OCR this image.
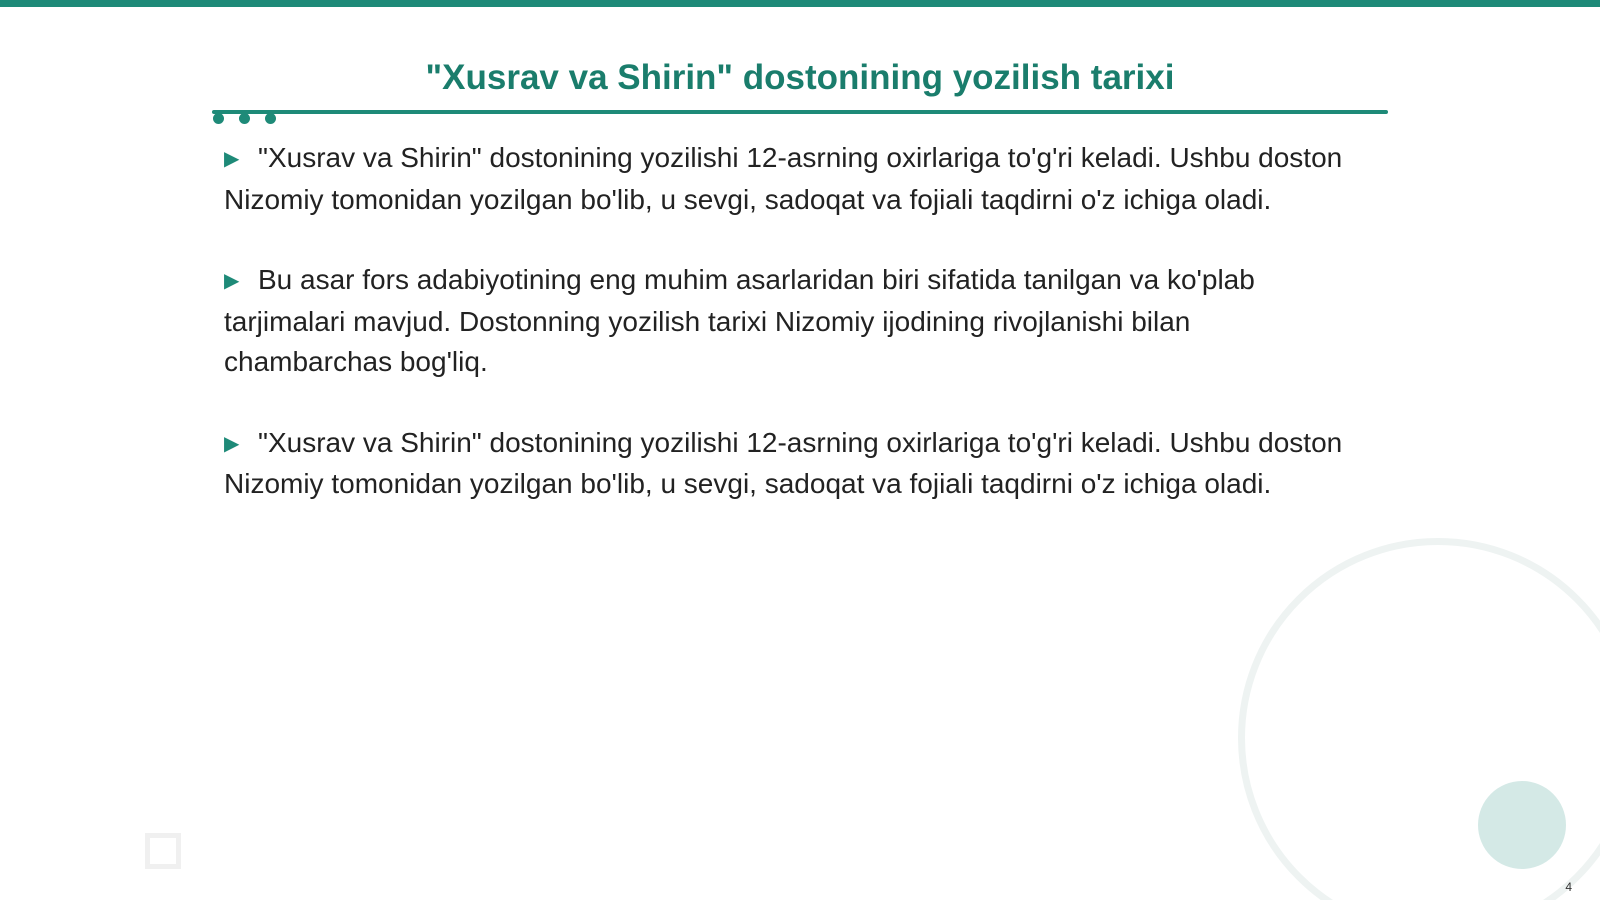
"Xusrav va Shirin" dostonining yozilish tarixi
▶ "Xusrav va Shirin" dostonining yozilishi 12-asrning oxirlariga to'g'ri keladi. Ushbu doston Nizomiy tomonidan yozilgan bo'lib, u sevgi, sadoqat va fojiali taqdirni o'z ichiga oladi.
▶ Bu asar fors adabiyotining eng muhim asarlaridan biri sifatida tanilgan va ko'plab tarjimalari mavjud. Dostonning yozilish tarixi Nizomiy ijodining rivojlanishi bilan chambarchas bog'liq.
▶ "Xusrav va Shirin" dostonining yozilishi 12-asrning oxirlariga to'g'ri keladi. Ushbu doston Nizomiy tomonidan yozilgan bo'lib, u sevgi, sadoqat va fojiali taqdirni o'z ichiga oladi.
4
